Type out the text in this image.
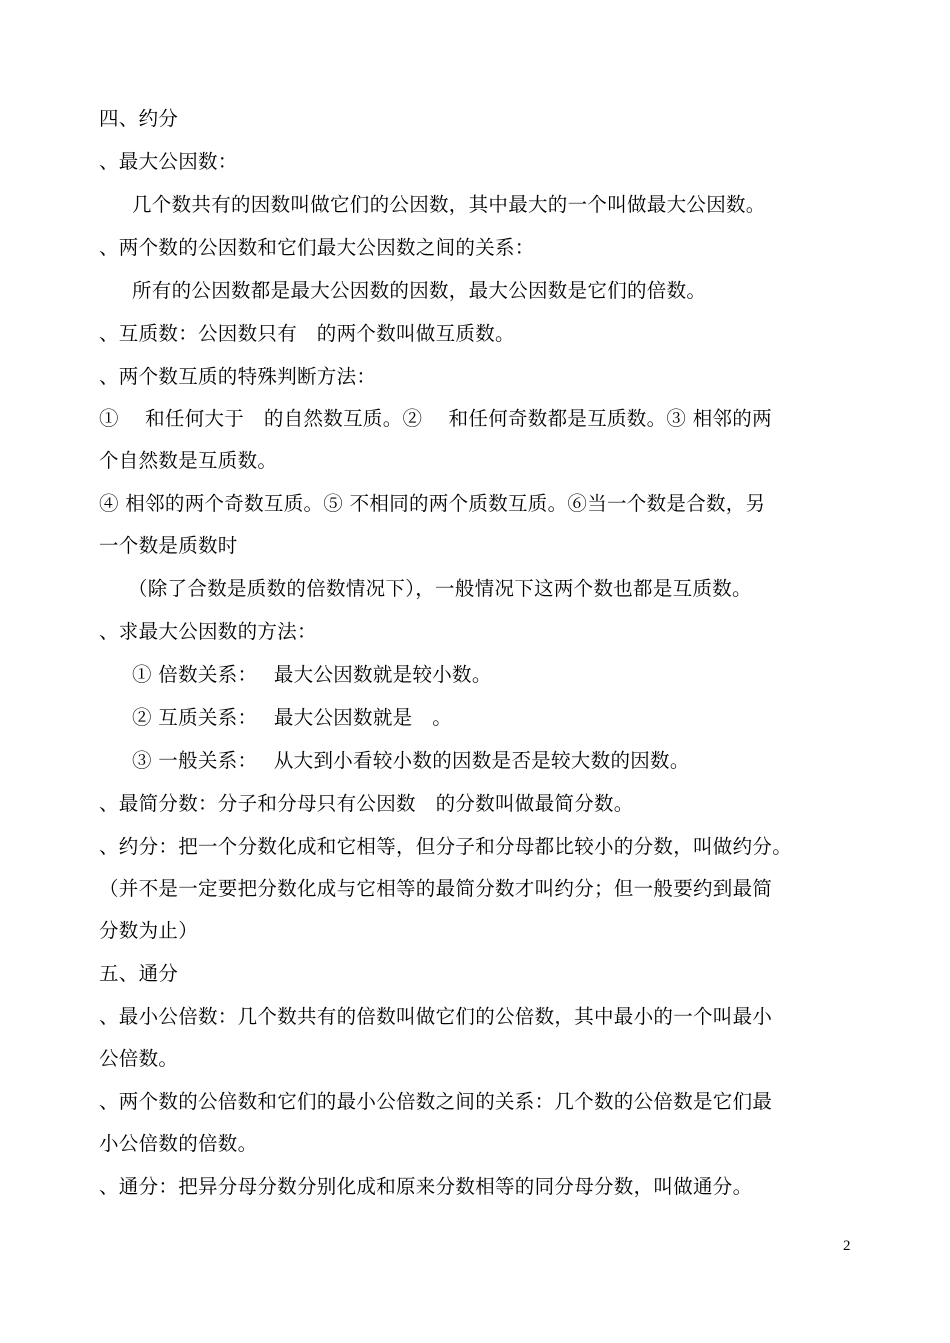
四、约分
、最大公因数：
几个数共有的因数叫做它们的公因数，其中最大的一个叫做最大公因数。
、两个数的公因数和它们最大公因数之间的关系：
所有的公因数都是最大公因数的因数，最大公因数是它们的倍数。
、互质数：公因数只有　的两个数叫做互质数。
、两个数互质的特殊判断方法：
①　 和任何大于　的自然数互质。②　 和任何奇数都是互质数。③ 相邻的两
个自然数是互质数。
④ 相邻的两个奇数互质。⑤ 不相同的两个质数互质。⑥当一个数是合数，另
一个数是质数时
（除了合数是质数的倍数情况下），一般情况下这两个数也都是互质数。
、求最大公因数的方法：
① 倍数关系：　 最大公因数就是较小数。
② 互质关系：　 最大公因数就是　。
③ 一般关系：　 从大到小看较小数的因数是否是较大数的因数。
、最简分数：分子和分母只有公因数　的分数叫做最简分数。
、约分：把一个分数化成和它相等，但分子和分母都比较小的分数，叫做约分。
（并不是一定要把分数化成与它相等的最简分数才叫约分；但一般要约到最简
分数为止）
五、通分
、最小公倍数：几个数共有的倍数叫做它们的公倍数，其中最小的一个叫最小
公倍数。
、两个数的公倍数和它们的最小公倍数之间的关系：几个数的公倍数是它们最
小公倍数的倍数。
、通分：把异分母分数分别化成和原来分数相等的同分母分数，叫做通分。
2
